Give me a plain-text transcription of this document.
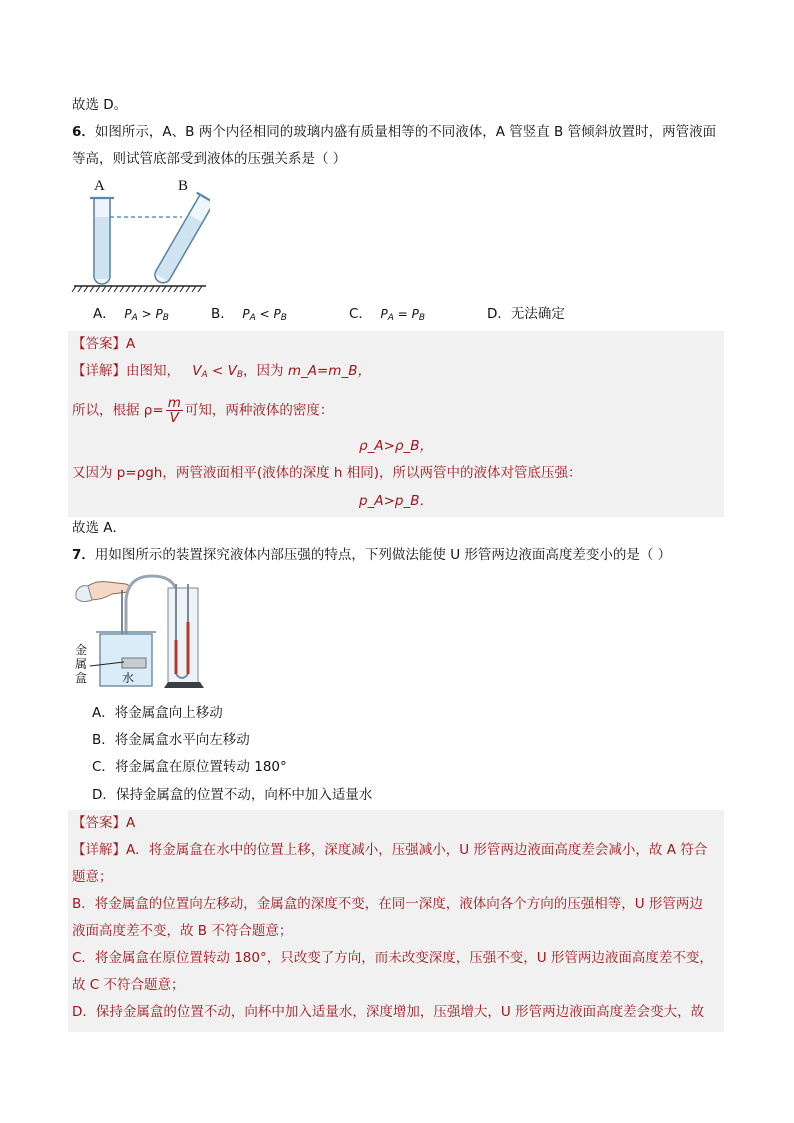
故选 D。
6．如图所示，A、B 两个内径相同的玻璃内盛有质量相等的不同液体，A 管竖直 B 管倾斜放置时，两管液面
等高，则试管底部受到液体的压强关系是（ ）
A	B
A． $P_A > P_B$	B． $P_A < P_B$	C． $P_A = P_B$	D．无法确定
【答案】A
【详解】由图知， $V_A < V_B$，因为 m_A=m_B，
所以，根据 $\rho= \frac{m}{V}$ 可知，两种液体的密度：
ρ_A>ρ_B，
又因为 p=ρgh，两管液面相平(液体的深度 h 相同)，所以两管中的液体对管底压强：
p_A>p_B．
故选 A．
7．用如图所示的装置探究液体内部压强的特点，下列做法能使 U 形管两边液面高度差变小的是（ ）
金
属
盒	水
A．将金属盒向上移动
B．将金属盒水平向左移动
C．将金属盒在原位置转动 180°
D．保持金属盒的位置不动，向杯中加入适量水
【答案】A
【详解】A．将金属盒在水中的位置上移，深度减小，压强减小，U 形管两边液面高度差会减小，故 A 符合
题意；
B．将金属盒的位置向左移动，金属盒的深度不变，在同一深度，液体向各个方向的压强相等，U 形管两边
液面高度差不变，故 B 不符合题意；
C．将金属盒在原位置转动 180°，只改变了方向，而未改变深度，压强不变，U 形管两边液面高度差不变，
故 C 不符合题意；
D．保持金属盒的位置不动，向杯中加入适量水，深度增加，压强增大，U 形管两边液面高度差会变大，故
